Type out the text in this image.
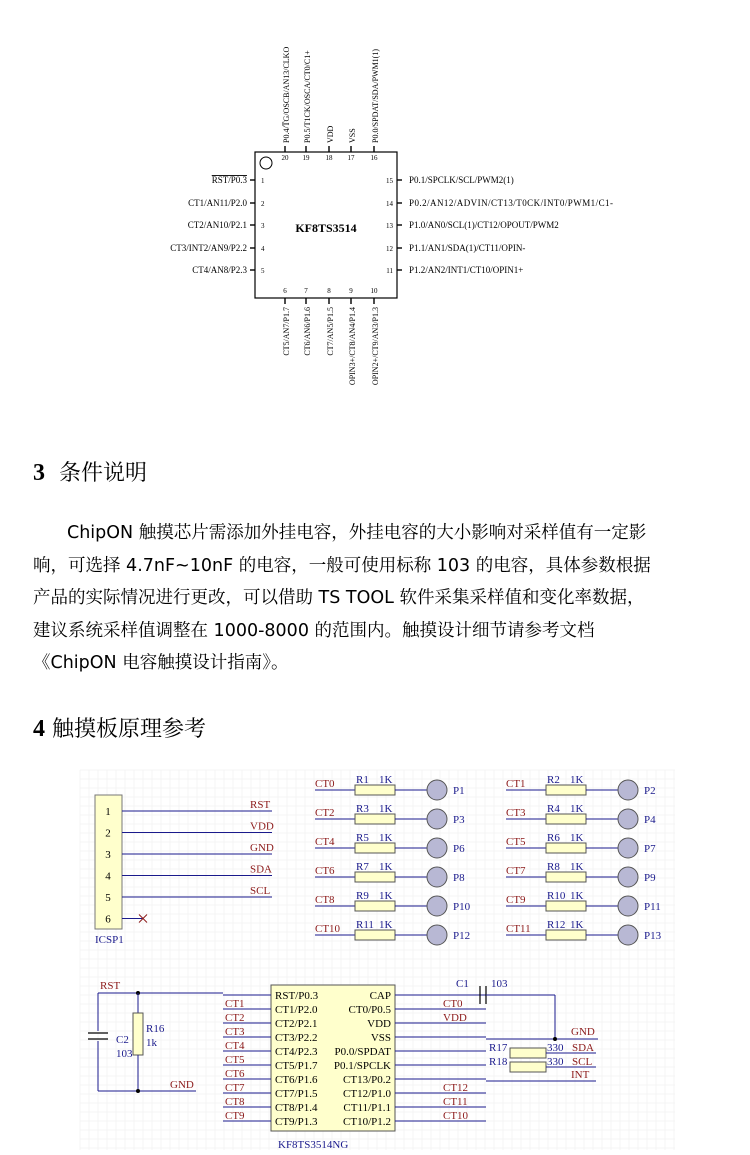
KF8TS3514
20
P0.4/T̅G/OSCB/AN13/CLKO
19
P0.5/T1CK/OSCA/CT0/C1+
18
VDD
17
VSS
16
P0.0/SPDAT/SDA/PWM1(1)
6
CT5/AN7/P1.7
7
CT6/AN6/P1.6
8
CT7/AN5/P1.5
9
OPIN3+/CT8/AN4/P1.4
10
OPIN2+/CT9/AN3/P1.3
1
RST/P0.3
2
CT1/AN11/P2.0
3
CT2/AN10/P2.1
4
CT3/INT2/AN9/P2.2
5
CT4/AN8/P2.3
15 P0.1/SPCLK/SCL/PWM2(1)
14 P0.2/AN12/ADVIN/CT13/T0CK/INT0/PWM1/C1-
13 P1.0/AN0/SCL(1)/CT12/OPOUT/PWM2
12 P1.1/AN1/SDA(1)/CT11/OPIN-
11 P1.2/AN2/INT1/CT10/OPIN1+
3 条件说明
ChipON 触摸芯片需添加外挂电容，外挂电容的大小影响对采样值有一定影
响，可选择 4.7nF~10nF 的电容，一般可使用标称 103 的电容，具体参数根据
产品的实际情况进行更改，可以借助 TS TOOL 软件采集采样值和变化率数据，
建议系统采样值调整在 1000-8000 的范围内。触摸设计细节请参考文档
《ChipON 电容触摸设计指南》。
4 触摸板原理参考
1
RST
2
VDD
3
GND
4
SDA
5
SCL
6
ICSP1
CT0 R1 1K
P1
CT2 R3 1K
P3
CT4 R5 1K
P6
CT6 R7 1K
P8
CT8 R9 1K
P10
CT10 R11 1K
P12
CT1 R2 1K
P2
CT3 R4 1K
P4
CT5 R6 1K
P7
CT7 R8 1K
P9
CT9 R10 1K
P11
CT11 R12 1K
P13
RST/P0.3
CT1/P2.0
CT1
CT2/P2.1
CT2
CT3/P2.2
CT3
CT4/P2.3
CT4
CT5/P1.7
CT5
CT6/P1.6
CT6
CT7/P1.5
CT7
CT8/P1.4
CT8
CT9/P1.3
CT9
CAP
CT0/P0.5	CT0
VDD	VDD
VSS
P0.0/SPDAT
P0.1/SPCLK
CT13/P0.2
CT12/P1.0	CT12
CT11/P1.1	CT11
CT10/P1.2	CT10
KF8TS3514NG
RST
C2
103
R16
1k
GND
C1 103
GND
R17	330 SDA
R18	330 SCL
INT
